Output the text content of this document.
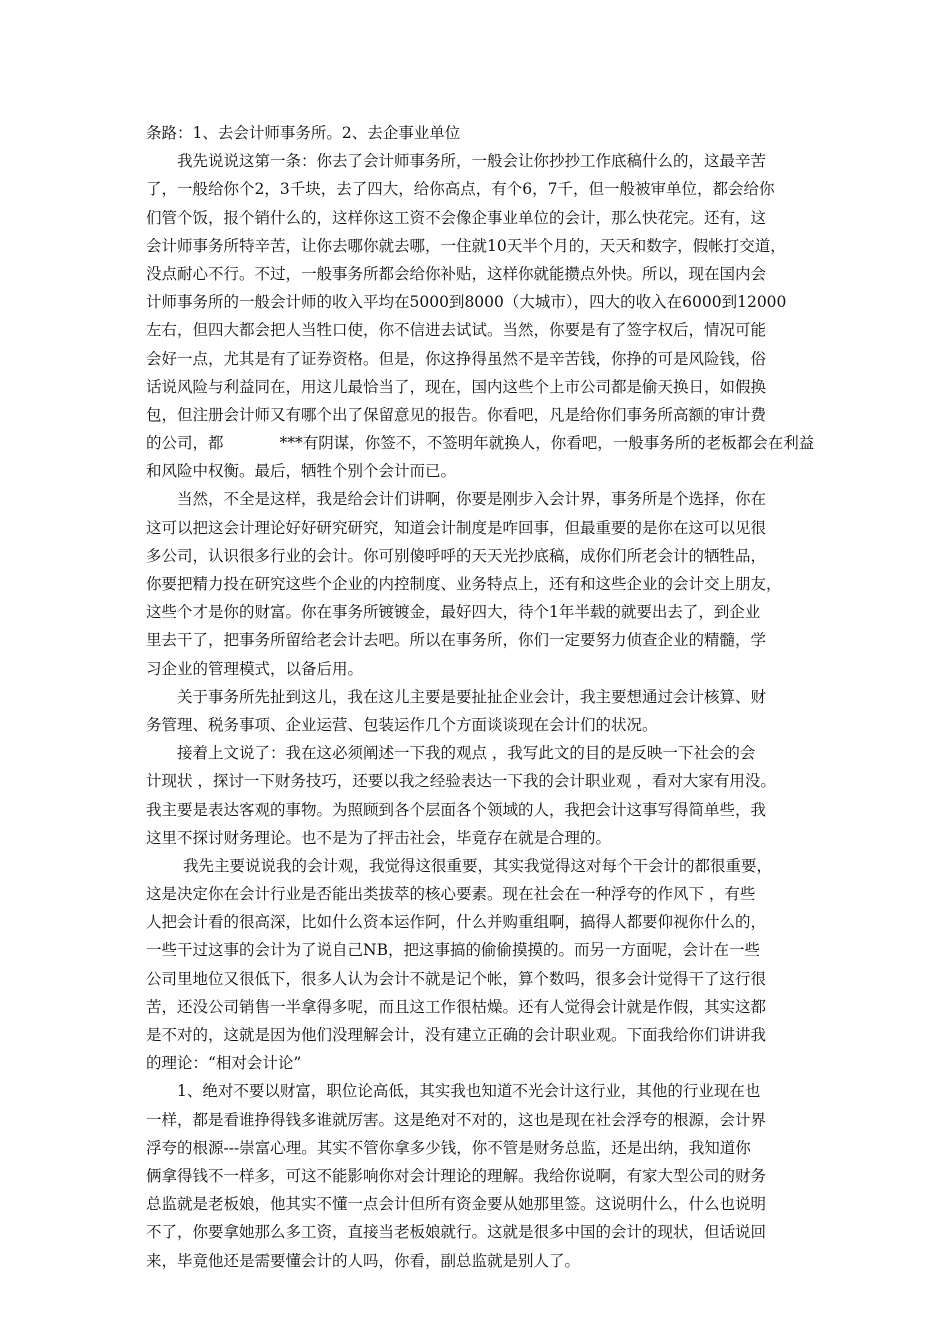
条路：1、去会计师事务所。2、去企事业单位
我先说说这第一条：你去了会计师事务所，一般会让你抄抄工作底稿什么的，这最辛苦
了，一般给你个2，3千块，去了四大，给你高点，有个6，7千，但一般被审单位，都会给你
们管个饭，报个销什么的，这样你这工资不会像企事业单位的会计，那么快花完。还有，这
会计师事务所特辛苦，让你去哪你就去哪，一住就10天半个月的，天天和数字，假帐打交道，
没点耐心不行。不过，一般事务所都会给你补贴，这样你就能攒点外快。所以，现在国内会
计师事务所的一般会计师的收入平均在5000到8000（大城市），四大的收入在6000到12000
左右，但四大都会把人当牲口使，你不信进去试试。当然，你要是有了签字权后，情况可能
会好一点，尤其是有了证券资格。但是，你这挣得虽然不是辛苦钱，你挣的可是风险钱，俗
话说风险与利益同在，用这儿最恰当了，现在，国内这些个上市公司都是偷天换日，如假换
包，但注册会计师又有哪个出了保留意见的报告。你看吧，凡是给你们事务所高额的审计费
的公司，都	***有阴谋，你签不，不签明年就换人，你看吧，一般事务所的老板都会在利益
和风险中权衡。最后，牺牲个别个会计而已。
当然，不全是这样，我是给会计们讲啊，你要是刚步入会计界，事务所是个选择，你在
这可以把这会计理论好好研究研究，知道会计制度是咋回事，但最重要的是你在这可以见很
多公司，认识很多行业的会计。你可别傻呼呼的天天光抄底稿，成你们所老会计的牺牲品，
你要把精力投在研究这些个企业的内控制度、业务特点上，还有和这些企业的会计交上朋友，
这些个才是你的财富。你在事务所镀镀金，最好四大，待个1年半载的就要出去了，到企业
里去干了，把事务所留给老会计去吧。所以在事务所，你们一定要努力侦查企业的精髓，学
习企业的管理模式，以备后用。
关于事务所先扯到这儿，我在这儿主要是要扯扯企业会计，我主要想通过会计核算、财
务管理、税务事项、企业运营、包装运作几个方面谈谈现在会计们的状况。
接着上文说了：我在这必须阐述一下我的观点 ，我写此文的目的是反映一下社会的会
计现状 ，探讨一下财务技巧，还要以我之经验表达一下我的会计职业观 ，看对大家有用没。
我主要是表达客观的事物。为照顾到各个层面各个领域的人，我把会计这事写得简单些，我
这里不探讨财务理论。也不是为了抨击社会，毕竟存在就是合理的。
我先主要说说我的会计观，我觉得这很重要，其实我觉得这对每个干会计的都很重要，
这是决定你在会计行业是否能出类拔萃的核心要素。现在社会在一种浮夸的作风下 ，有些
人把会计看的很高深，比如什么资本运作阿，什么并购重组啊，搞得人都要仰视你什么的，
一些干过这事的会计为了说自己NB，把这事搞的偷偷摸摸的。而另一方面呢，会计在一些
公司里地位又很低下，很多人认为会计不就是记个帐，算个数吗，很多会计觉得干了这行很
苦，还没公司销售一半拿得多呢，而且这工作很枯燥。还有人觉得会计就是作假，其实这都
是不对的，这就是因为他们没理解会计，没有建立正确的会计职业观。下面我给你们讲讲我
的理论：“相对会计论”
1、绝对不要以财富，职位论高低，其实我也知道不光会计这行业，其他的行业现在也
一样，都是看谁挣得钱多谁就厉害。这是绝对不对的，这也是现在社会浮夸的根源，会计界
浮夸的根源---崇富心理。其实不管你拿多少钱，你不管是财务总监，还是出纳，我知道你
俩拿得钱不一样多，可这不能影响你对会计理论的理解。我给你说啊，有家大型公司的财务
总监就是老板娘，他其实不懂一点会计但所有资金要从她那里签。这说明什么，什么也说明
不了，你要拿她那么多工资，直接当老板娘就行。这就是很多中国的会计的现状，但话说回
来，毕竟他还是需要懂会计的人吗，你看，副总监就是别人了。
